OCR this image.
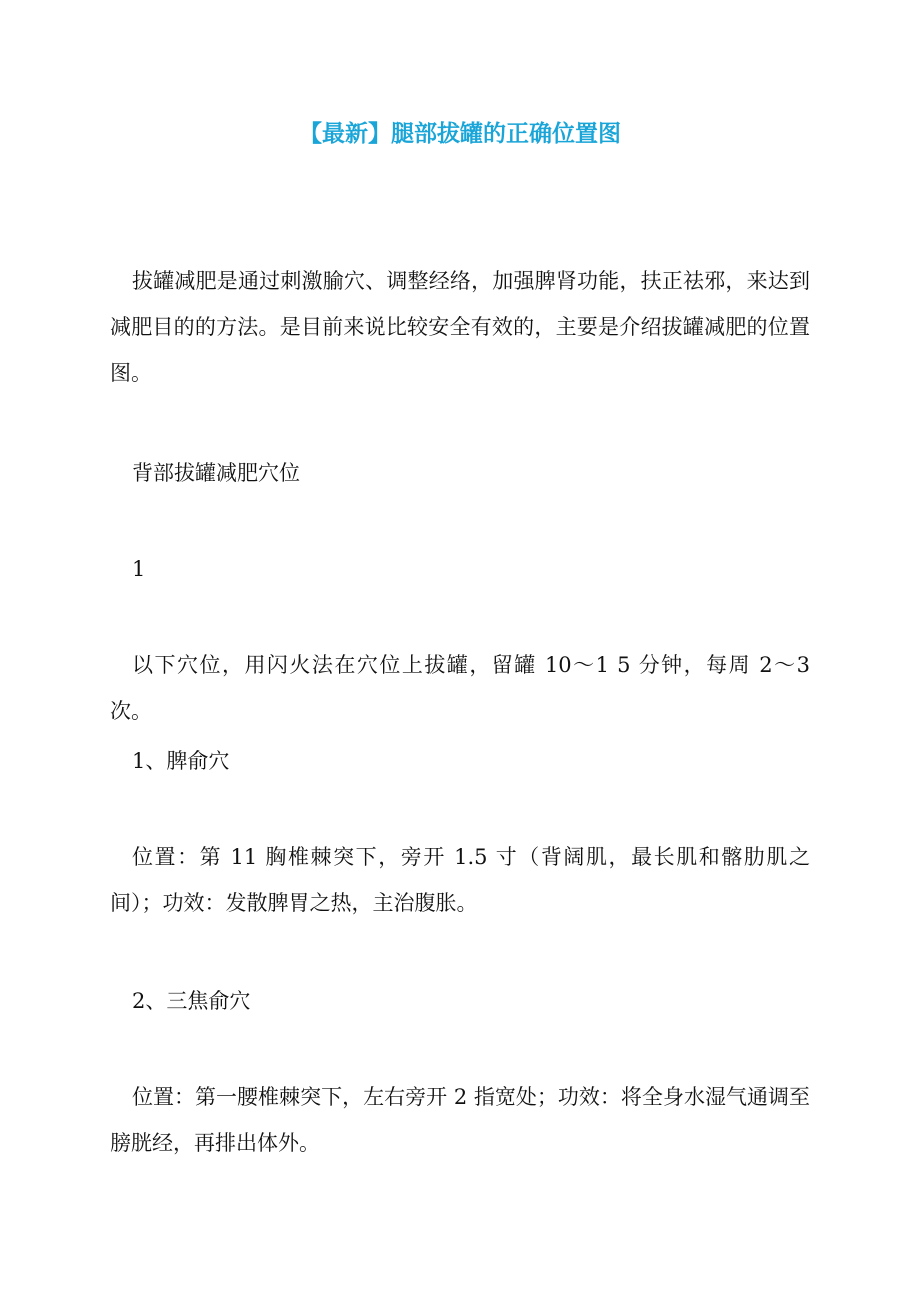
【最新】腿部拔罐的正确位置图

拔罐减肥是通过刺激腧穴、调整经络，加强脾肾功能，扶正祛邪，来达到减肥目的的方法。是目前来说比较安全有效的，主要是介绍拔罐减肥的位置图。

背部拔罐减肥穴位

1

以下穴位，用闪火法在穴位上拔罐，留罐 10～1 5 分钟，每周 2～3 次。

1、脾俞穴

位置：第 11 胸椎棘突下，旁开 1.5 寸（背阔肌，最长肌和髂肋肌之间）；功效：发散脾胃之热，主治腹胀。

2、三焦俞穴

位置：第一腰椎棘突下，左右旁开 2 指宽处；功效：将全身水湿气通调至膀胱经，再排出体外。
